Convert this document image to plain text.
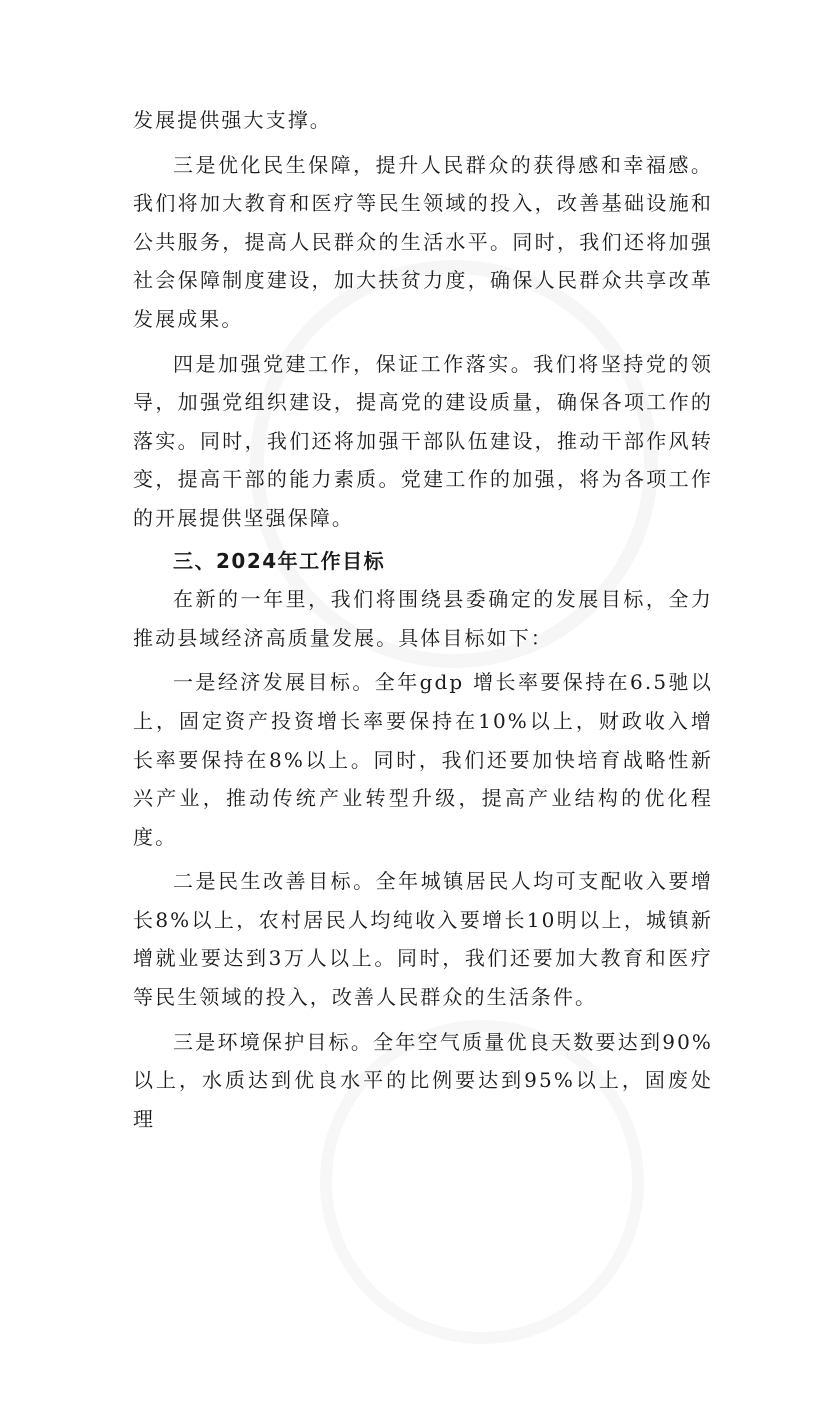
发展提供强大支撑。

三是优化民生保障，提升人民群众的获得感和幸福感。我们将加大教育和医疗等民生领域的投入，改善基础设施和公共服务，提高人民群众的生活水平。同时，我们还将加强社会保障制度建设，加大扶贫力度，确保人民群众共享改革发展成果。

四是加强党建工作，保证工作落实。我们将坚持党的领导，加强党组织建设，提高党的建设质量，确保各项工作的落实。同时，我们还将加强干部队伍建设，推动干部作风转变，提高干部的能力素质。党建工作的加强，将为各项工作的开展提供坚强保障。

三、2024年工作目标

在新的一年里，我们将围绕县委确定的发展目标，全力推动县域经济高质量发展。具体目标如下：

一是经济发展目标。全年gdp 增长率要保持在6.5驰以上，固定资产投资增长率要保持在10%以上，财政收入增长率要保持在8%以上。同时，我们还要加快培育战略性新兴产业，推动传统产业转型升级，提高产业结构的优化程度。

二是民生改善目标。全年城镇居民人均可支配收入要增长8%以上，农村居民人均纯收入要增长10明以上，城镇新增就业要达到3万人以上。同时，我们还要加大教育和医疗等民生领域的投入，改善人民群众的生活条件。

三是环境保护目标。全年空气质量优良天数要达到90%以上，水质达到优良水平的比例要达到95%以上，固废处理
